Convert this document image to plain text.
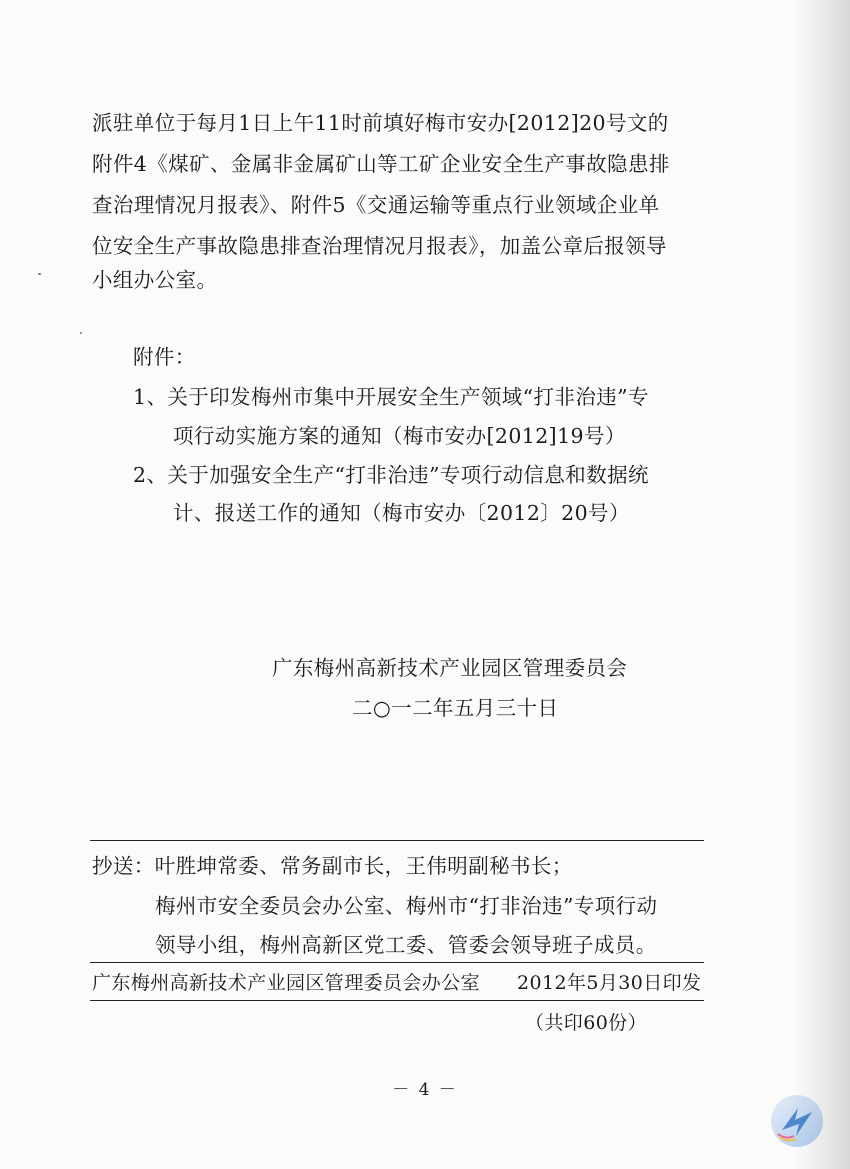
派驻单位于每月1日上午11时前填好梅市安办[2012]20号文的
附件4《煤矿、金属非金属矿山等工矿企业安全生产事故隐患排
查治理情况月报表》、附件5《交通运输等重点行业领域企业单
位安全生产事故隐患排查治理情况月报表》，加盖公章后报领导
小组办公室。
附件：
1、关于印发梅州市集中开展安全生产领域“打非治违”专
项行动实施方案的通知（梅市安办[2012]19号）
2、关于加强安全生产“打非治违”专项行动信息和数据统
计、报送工作的通知（梅市安办〔2012〕20号）
广东梅州高新技术产业园区管理委员会
二○一二年五月三十日
抄送：叶胜坤常委、常务副市长，王伟明副秘书长；
梅州市安全委员会办公室、梅州市“打非治违”专项行动
领导小组，梅州高新区党工委、管委会领导班子成员。
广东梅州高新技术产业园区管理委员会办公室 2012年5月30日印发
（共印60份）
－ 4 －
